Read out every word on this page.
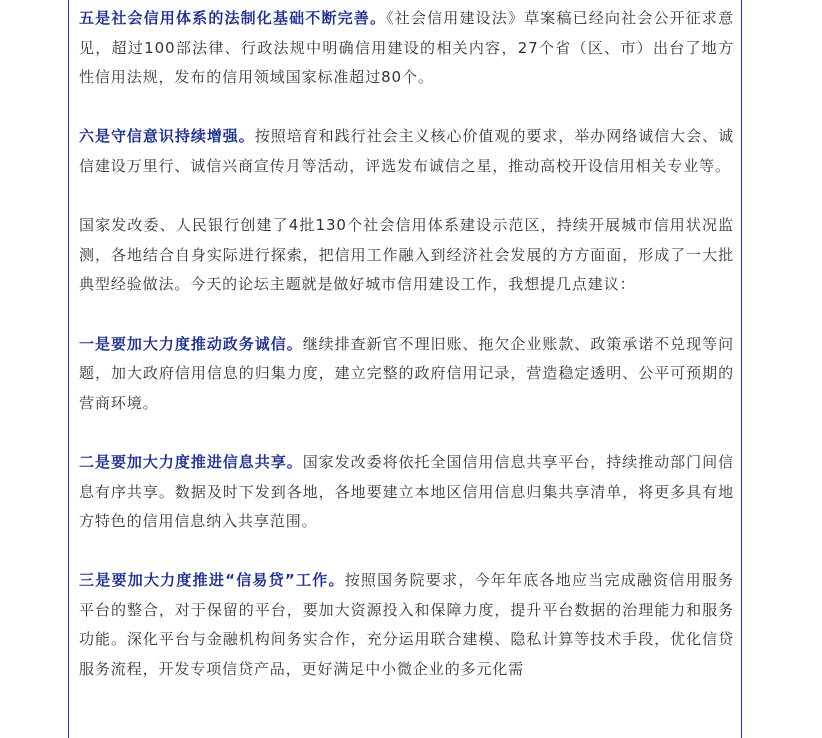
五是社会信用体系的法制化基础不断完善。《社会信用建设法》草案稿已经向社会公开征求意见，超过100部法律、行政法规中明确信用建设的相关内容，27个省（区、市）出台了地方性信用法规，发布的信用领域国家标准超过80个。

六是守信意识持续增强。按照培育和践行社会主义核心价值观的要求，举办网络诚信大会、诚信建设万里行、诚信兴商宣传月等活动，评选发布诚信之星，推动高校开设信用相关专业等。

国家发改委、人民银行创建了4批130个社会信用体系建设示范区，持续开展城市信用状况监测，各地结合自身实际进行探索，把信用工作融入到经济社会发展的方方面面，形成了一大批典型经验做法。今天的论坛主题就是做好城市信用建设工作，我想提几点建议：

一是要加大力度推动政务诚信。继续排查新官不理旧账、拖欠企业账款、政策承诺不兑现等问题，加大政府信用信息的归集力度，建立完整的政府信用记录，营造稳定透明、公平可预期的营商环境。

二是要加大力度推进信息共享。国家发改委将依托全国信用信息共享平台，持续推动部门间信息有序共享。数据及时下发到各地，各地要建立本地区信用信息归集共享清单，将更多具有地方特色的信用信息纳入共享范围。

三是要加大力度推进“信易贷”工作。按照国务院要求，今年年底各地应当完成融资信用服务平台的整合，对于保留的平台，要加大资源投入和保障力度，提升平台数据的治理能力和服务功能。深化平台与金融机构间务实合作，充分运用联合建模、隐私计算等技术手段，优化信贷服务流程，开发专项信贷产品，更好满足中小微企业的多元化需
